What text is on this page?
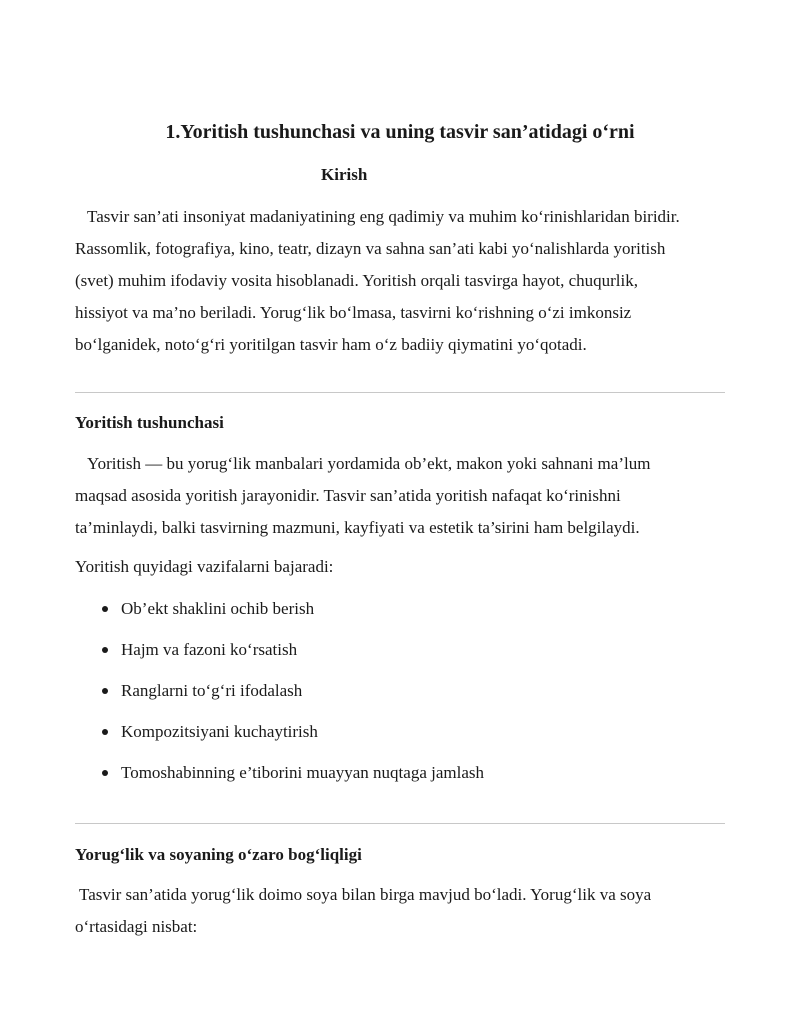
1.Yoritish tushunchasi va uning tasvir san’atidagi o‘rni
Kirish

Tasvir san’ati insoniyat madaniyatining eng qadimiy va muhim ko‘rinishlaridan biridir.
Rassomlik, fotografiya, kino, teatr, dizayn va sahna san’ati kabi yo‘nalishlarda yoritish
(svet) muhim ifodaviy vosita hisoblanadi. Yoritish orqali tasvirga hayot, chuqurlik,
hissiyot va ma’no beriladi. Yorug‘lik bo‘lmasa, tasvirni ko‘rishning o‘zi imkonsiz
bo‘lganidek, noto‘g‘ri yoritilgan tasvir ham o‘z badiiy qiymatini yo‘qotadi.

Yoritish tushunchasi

Yoritish — bu yorug‘lik manbalari yordamida ob’ekt, makon yoki sahnani ma’lum
maqsad asosida yoritish jarayonidir. Tasvir san’atida yoritish nafaqat ko‘rinishni
ta’minlaydi, balki tasvirning mazmuni, kayfiyati va estetik ta’sirini ham belgilaydi.

Yoritish quyidagi vazifalarni bajaradi:

Ob’ekt shaklini ochib berish
Hajm va fazoni ko‘rsatish
Ranglarni to‘g‘ri ifodalash
Kompozitsiyani kuchaytirish
Tomoshabinning e’tiborini muayyan nuqtaga jamlash
Yorug‘lik va soyaning o‘zaro bog‘liqligi

Tasvir san’atida yorug‘lik doimo soya bilan birga mavjud bo‘ladi. Yorug‘lik va soya
o‘rtasidagi nisbat:
